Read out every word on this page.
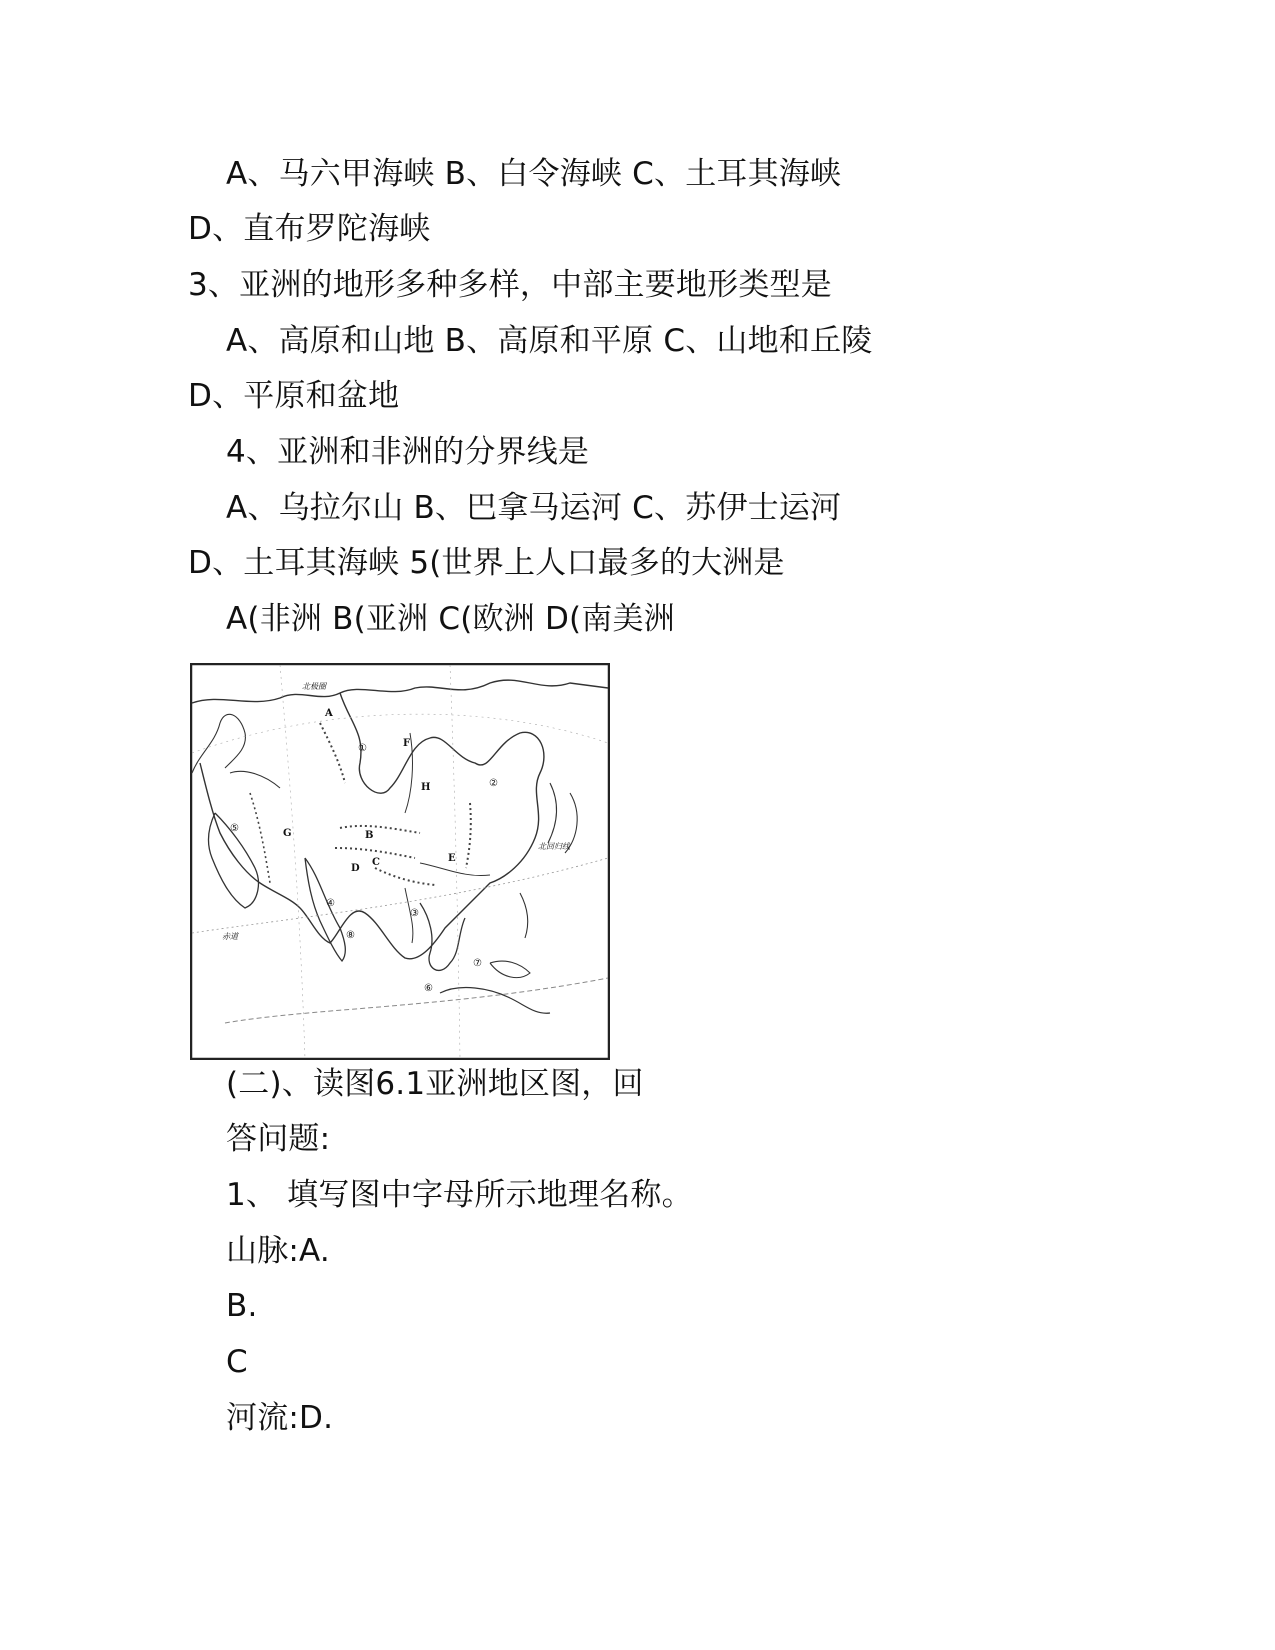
A、马六甲海峡 B、白令海峡 C、土耳其海峡
D、直布罗陀海峡
3、亚洲的地形多种多样，中部主要地形类型是
A、高原和山地 B、高原和平原 C、山地和丘陵
D、平原和盆地
4、亚洲和非洲的分界线是
A、乌拉尔山 B、巴拿马运河 C、苏伊士运河
D、土耳其海峡 5(世界上人口最多的大洲是
A(非洲 B(亚洲 C(欧洲 D(南美洲
A
F
H
G	B
C
D
E
①
②
③
④
⑤
⑥
⑦
⑧
赤道
北回归线
北极圈
(二)、读图6.1亚洲地区图，回
答问题:
1、 填写图中字母所示地理名称。
山脉:A.
B.
C
河流:D.
